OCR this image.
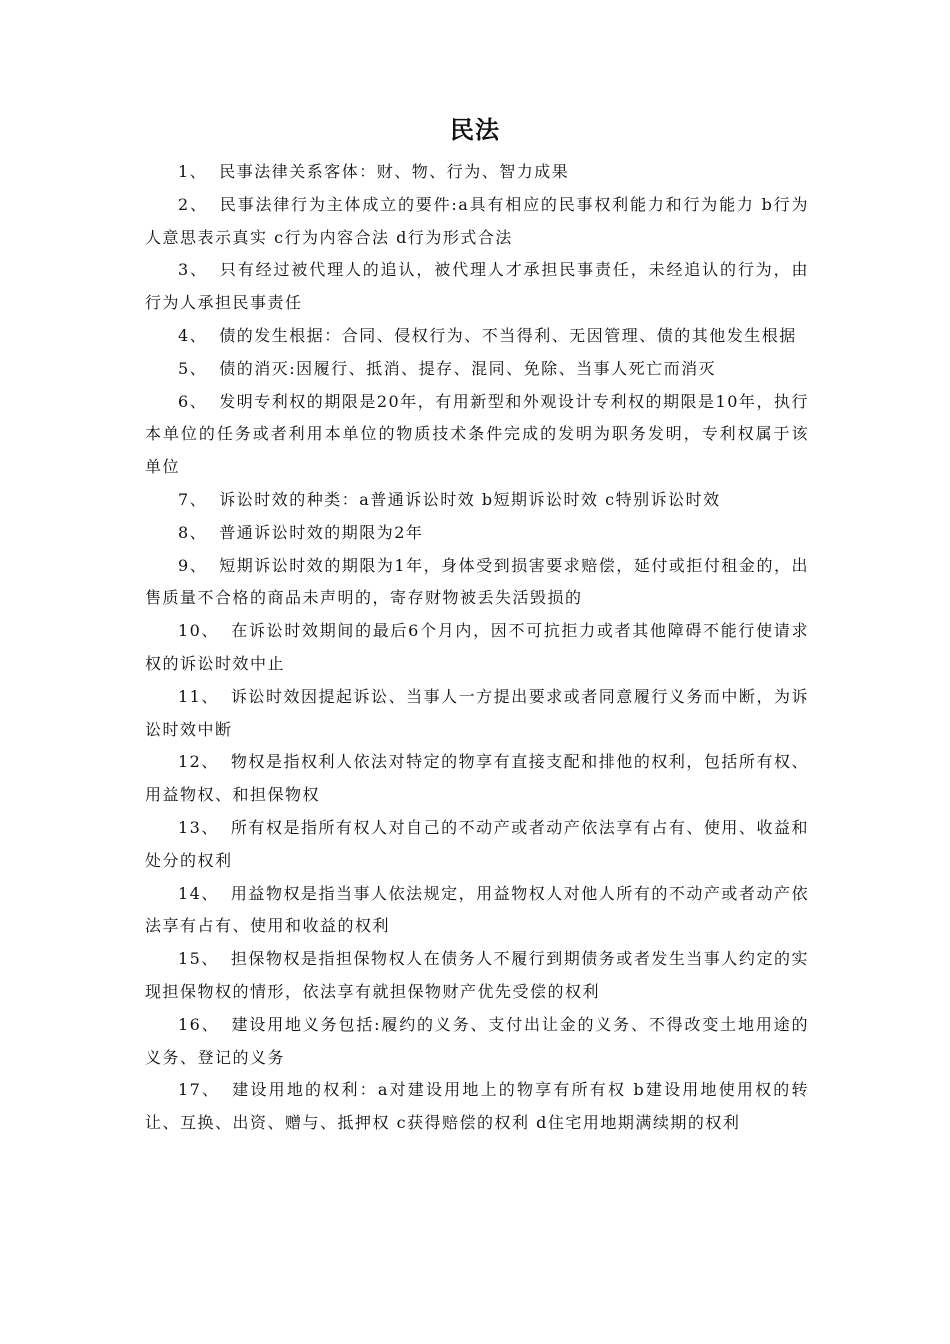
民法

1、 民事法律关系客体：财、物、行为、智力成果

2、 民事法律行为主体成立的要件:a具有相应的民事权利能力和行为能力 b行为人意思表示真实 c行为内容合法 d行为形式合法

3、 只有经过被代理人的追认，被代理人才承担民事责任，未经追认的行为，由行为人承担民事责任

4、 债的发生根据：合同、侵权行为、不当得利、无因管理、债的其他发生根据

5、 债的消灭:因履行、抵消、提存、混同、免除、当事人死亡而消灭

6、 发明专利权的期限是20年，有用新型和外观设计专利权的期限是10年，执行本单位的任务或者利用本单位的物质技术条件完成的发明为职务发明，专利权属于该单位

7、 诉讼时效的种类：a普通诉讼时效 b短期诉讼时效 c特别诉讼时效

8、 普通诉讼时效的期限为2年

9、 短期诉讼时效的期限为1年，身体受到损害要求赔偿，延付或拒付租金的，出售质量不合格的商品未声明的，寄存财物被丢失活毁损的

10、 在诉讼时效期间的最后6个月内，因不可抗拒力或者其他障碍不能行使请求权的诉讼时效中止

11、 诉讼时效因提起诉讼、当事人一方提出要求或者同意履行义务而中断，为诉讼时效中断

12、 物权是指权利人依法对特定的物享有直接支配和排他的权利，包括所有权、用益物权、和担保物权

13、 所有权是指所有权人对自己的不动产或者动产依法享有占有、使用、收益和处分的权利

14、 用益物权是指当事人依法规定，用益物权人对他人所有的不动产或者动产依法享有占有、使用和收益的权利

15、 担保物权是指担保物权人在债务人不履行到期债务或者发生当事人约定的实现担保物权的情形，依法享有就担保物财产优先受偿的权利

16、 建设用地义务包括:履约的义务、支付出让金的义务、不得改变土地用途的义务、登记的义务

17、 建设用地的权利：a对建设用地上的物享有所有权 b建设用地使用权的转让、互换、出资、赠与、抵押权 c获得赔偿的权利 d住宅用地期满续期的权利
